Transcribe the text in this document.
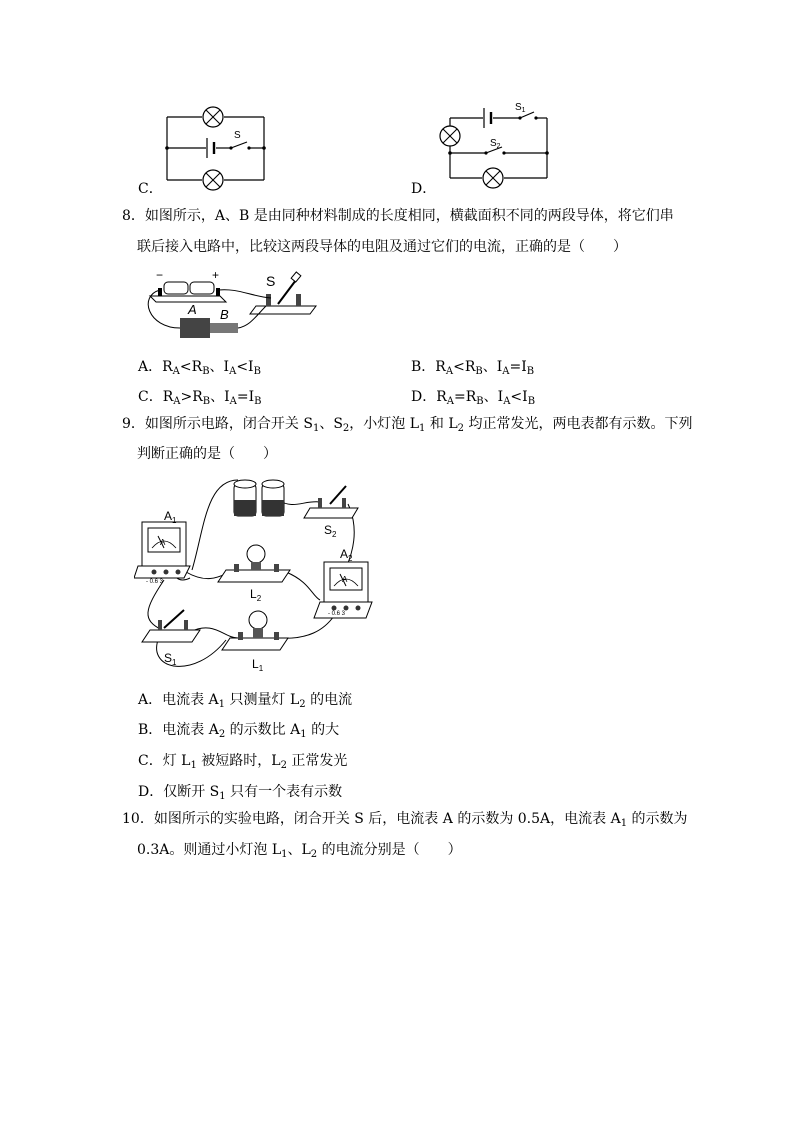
S
C．
$S_1$
$S_2$
D．
8．如图所示，A、B 是由同种材料制成的长度相同，横截面积不同的两段导体，将它们串
联后接入电路中，比较这两段导体的电阻及通过它们的电流，正确的是（　　）
−	+	S
A B
A．$R_A<R_B$、$I_A<I_B$	B．$R_A<R_B$、$I_A=I_B$
C．$R_A>R_B$、$I_A=I_B$	D．$R_A=R_B$、$I_A<I_B$
9．如图所示电路，闭合开关 $S_1$、$S_2$，小灯泡 $L_1$ 和 $L_2$ 均正常发光，两电表都有示数。下列
判断正确的是（　　）
$S_2$
A
- 0.6 3
$A_1$
$L_2$
A
- 0.6 3
$A_2$
$S_1$	$L_1$
A．电流表 $A_1$ 只测量灯 $L_2$ 的电流
B．电流表 $A_2$ 的示数比 $A_1$ 的大
C．灯 $L_1$ 被短路时，$L_2$ 正常发光
D．仅断开 $S_1$ 只有一个表有示数
10．如图所示的实验电路，闭合开关 S 后，电流表 A 的示数为 0.5A，电流表 $A_1$ 的示数为
0.3A。则通过小灯泡 $L_1$、$L_2$ 的电流分别是（　　）
